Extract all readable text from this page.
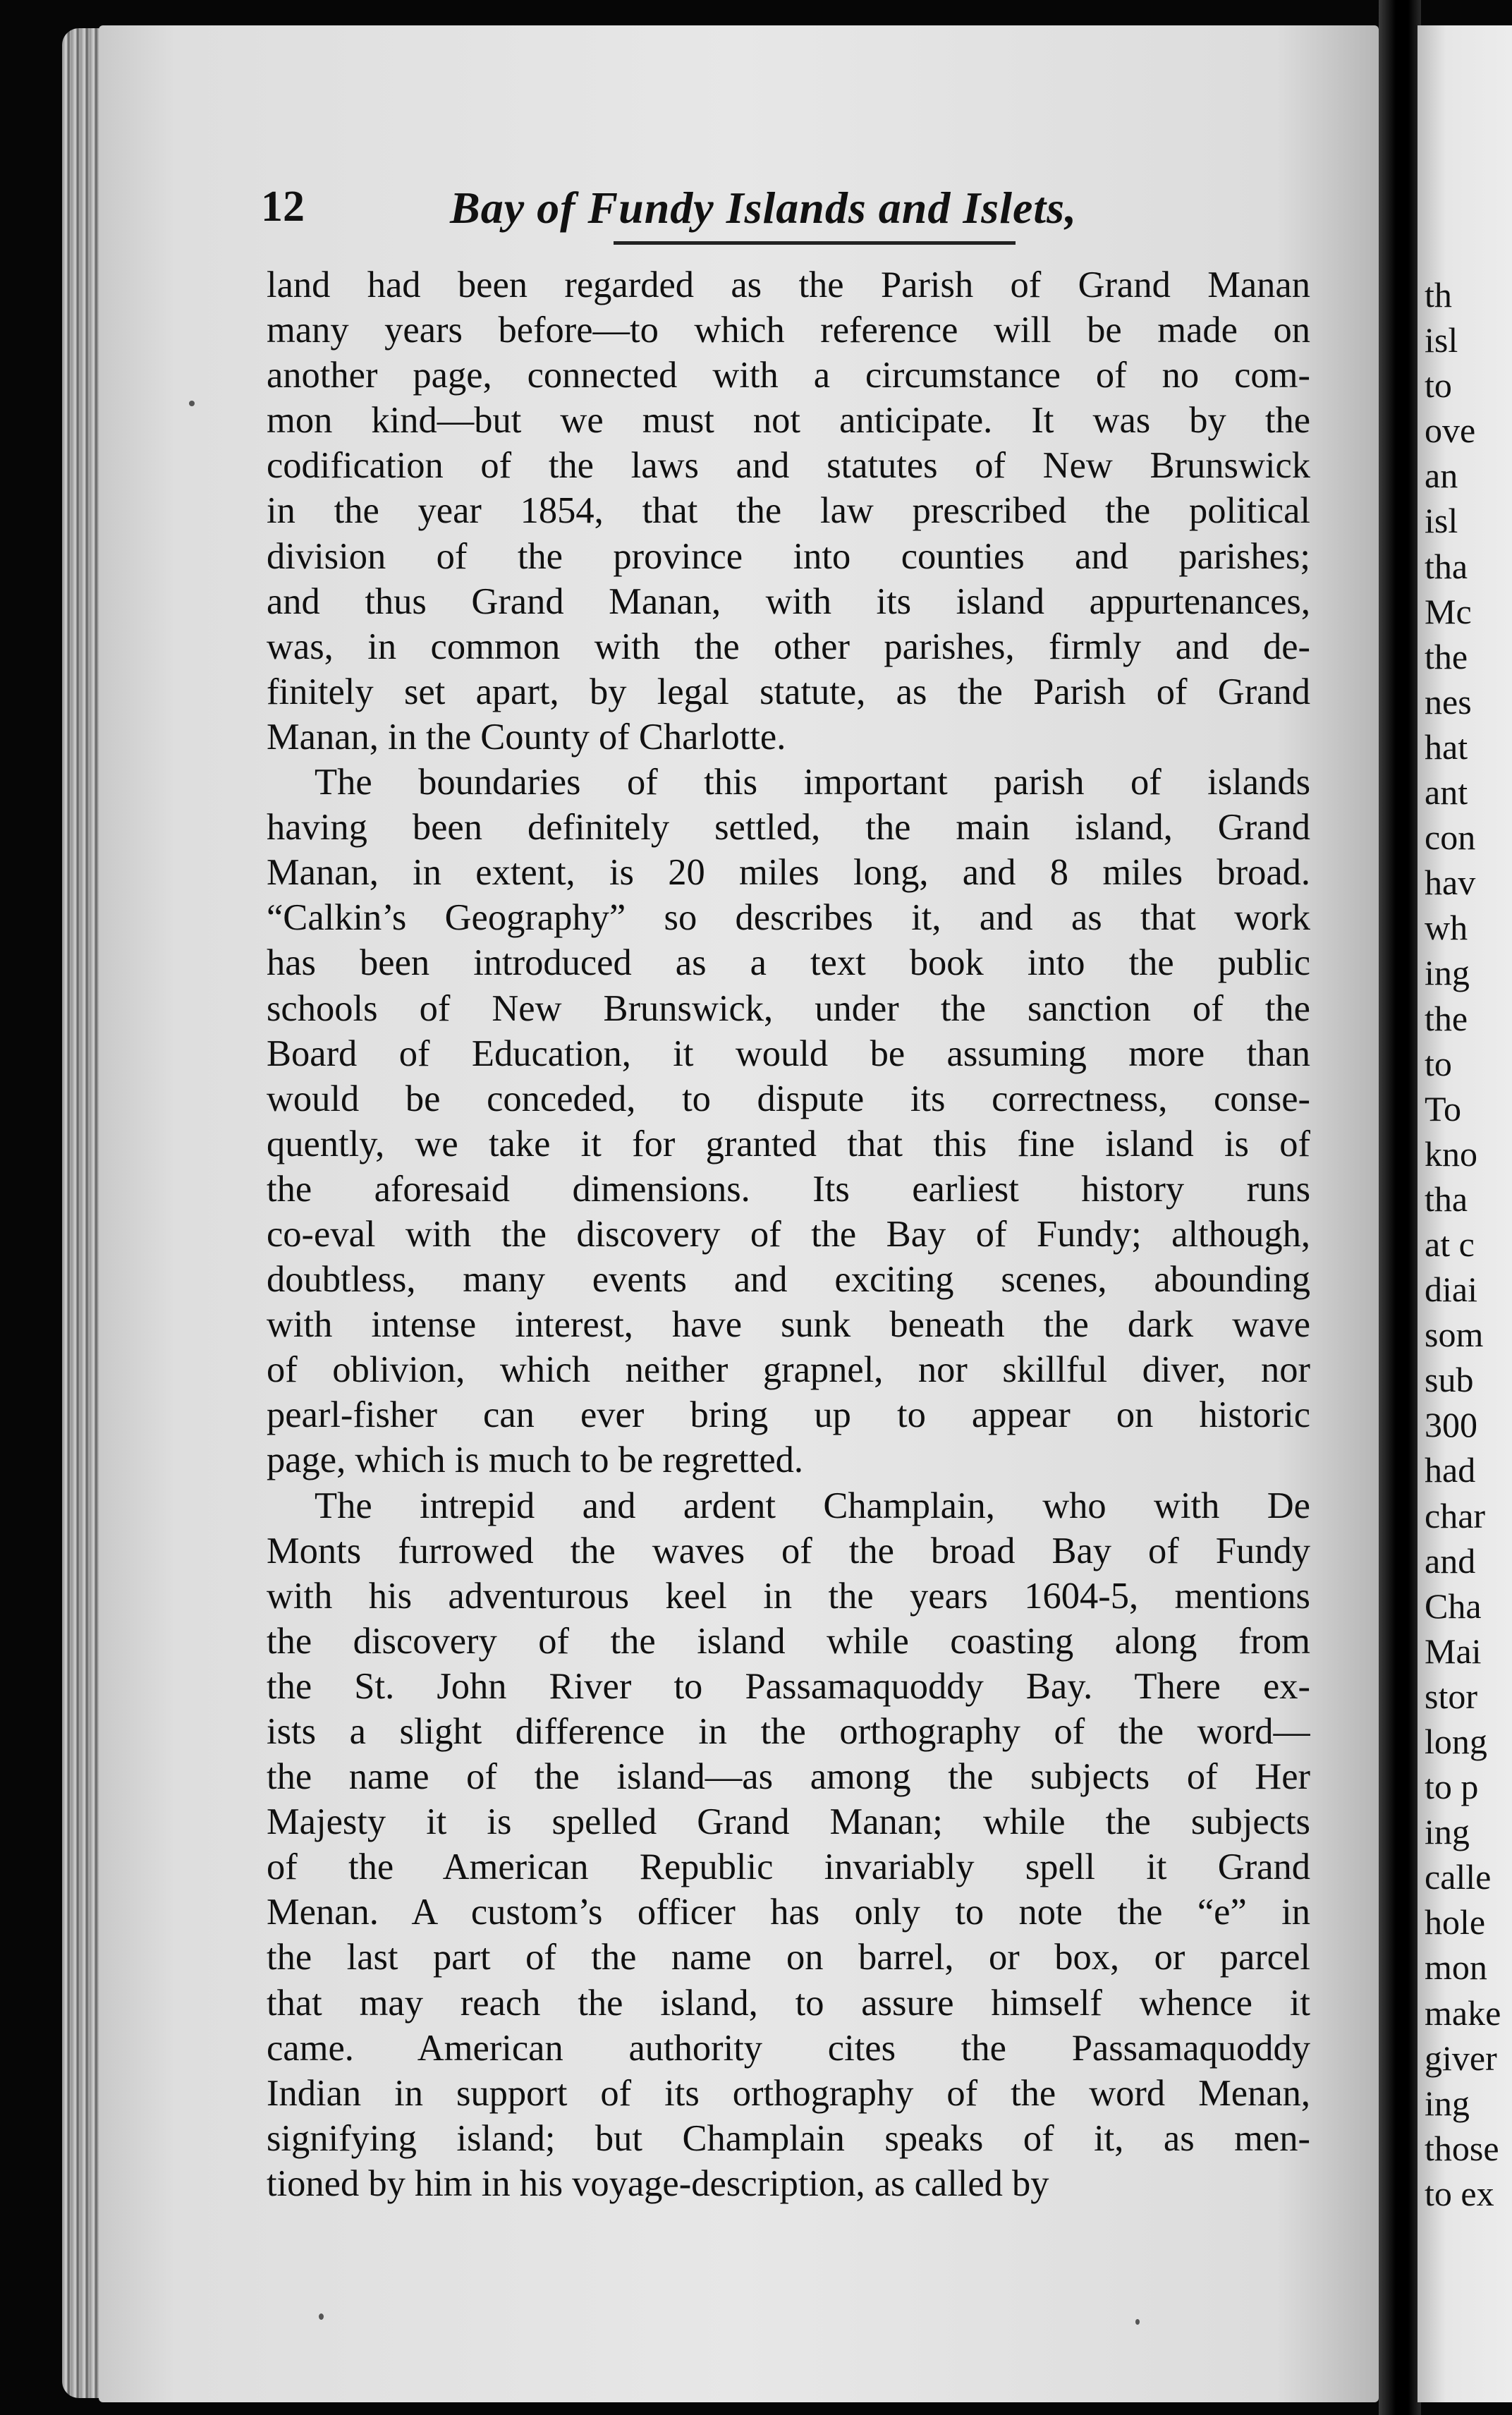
12	Bay of Fundy Islands and Islets,
land had been regarded as the Parish of Grand Manan
many years before—to which reference will be made on
another page, connected with a circumstance of no com-
mon kind—but we must not anticipate. It was by the
codification of the laws and statutes of New Brunswick
in the year 1854, that the law prescribed the political
division of the province into counties and parishes;
and thus Grand Manan, with its island appurtenances,
was, in common with the other parishes, firmly and de-
finitely set apart, by legal statute, as the Parish of Grand
Manan, in the County of Charlotte.
The boundaries of this important parish of islands
having been definitely settled, the main island, Grand
Manan, in extent, is 20 miles long, and 8 miles broad.
“Calkin’s Geography” so describes it, and as that work
has been introduced as a text book into the public
schools of New Brunswick, under the sanction of the
Board of Education, it would be assuming more than
would be conceded, to dispute its correctness, conse-
quently, we take it for granted that this fine island is of
the aforesaid dimensions. Its earliest history runs
co-eval with the discovery of the Bay of Fundy; although,
doubtless, many events and exciting scenes, abounding
with intense interest, have sunk beneath the dark wave
of oblivion, which neither grapnel, nor skillful diver, nor
pearl-fisher can ever bring up to appear on historic
page, which is much to be regretted.
The intrepid and ardent Champlain, who with De
Monts furrowed the waves of the broad Bay of Fundy
with his adventurous keel in the years 1604-5, mentions
the discovery of the island while coasting along from
the St. John River to Passamaquoddy Bay. There ex-
ists a slight difference in the orthography of the word—
the name of the island—as among the subjects of Her
Majesty it is spelled Grand Manan; while the subjects
of the American Republic invariably spell it Grand
Menan. A custom’s officer has only to note the “e” in
the last part of the name on barrel, or box, or parcel
that may reach the island, to assure himself whence it
came. American authority cites the Passamaquoddy
Indian in support of its orthography of the word Menan,
signifying island; but Champlain speaks of it, as men-
tioned by him in his voyage-description, as called by
th
isl
to
ove
an
isl
tha
Mc
the
nes
hat
ant
con
hav
wh
ing
the
to
To
kno
tha
at c
diai
som
sub
300
had
char
and
Cha
Mai
stor
long
to p
ing
calle
hole
mon
make
giver
ing
those
to ex
